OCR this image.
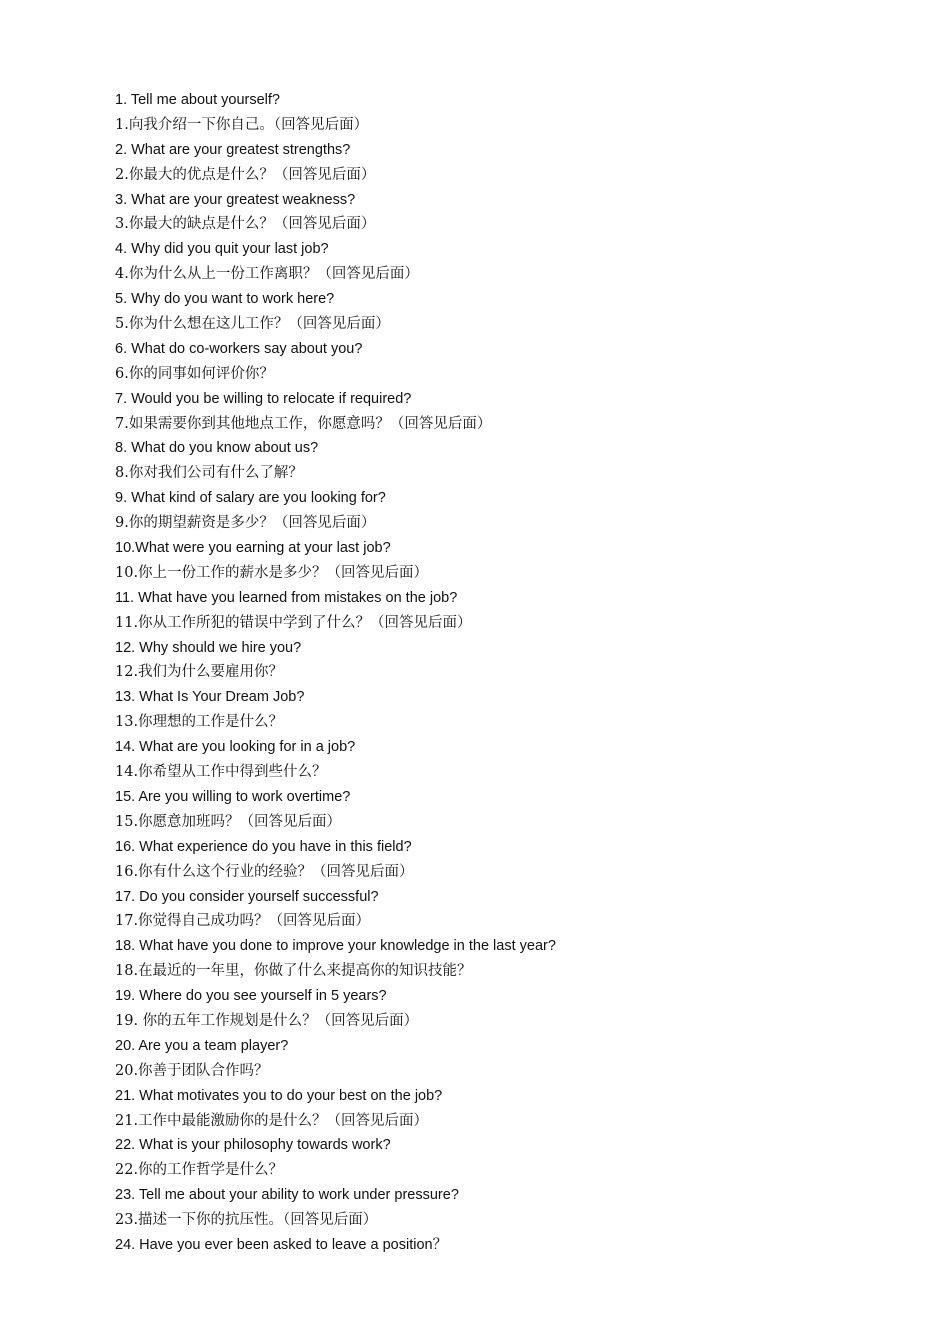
1. Tell me about yourself?
1.向我介绍一下你自己。（回答见后面）
2. What are your greatest strengths?
2.你最大的优点是什么？（回答见后面）
3. What are your greatest weakness?
3.你最大的缺点是什么？（回答见后面）
4. Why did you quit your last job?
4.你为什么从上一份工作离职？（回答见后面）
5. Why do you want to work here?
5.你为什么想在这儿工作？（回答见后面）
6. What do co-workers say about you?
6.你的同事如何评价你？
7. Would you be willing to relocate if required?
7.如果需要你到其他地点工作，你愿意吗？（回答见后面）
8. What do you know about us?
8.你对我们公司有什么了解？
9. What kind of salary are you looking for?
9.你的期望薪资是多少？（回答见后面）
10.What were you earning at your last job?
10.你上一份工作的薪水是多少？（回答见后面）
11. What have you learned from mistakes on the job?
11.你从工作所犯的错误中学到了什么？（回答见后面）
12. Why should we hire you?
12.我们为什么要雇用你？
13. What Is Your Dream Job?
13.你理想的工作是什么？
14. What are you looking for in a job?
14.你希望从工作中得到些什么？
15. Are you willing to work overtime?
15.你愿意加班吗？（回答见后面）
16. What experience do you have in this field?
16.你有什么这个行业的经验？（回答见后面）
17. Do you consider yourself successful?
17.你觉得自己成功吗？（回答见后面）
18. What have you done to improve your knowledge in the last year?
18.在最近的一年里，你做了什么来提高你的知识技能？
19. Where do you see yourself in 5 years?
19. 你的五年工作规划是什么？（回答见后面）
20. Are you a team player?
20.你善于团队合作吗？
21. What motivates you to do your best on the job?
21.工作中最能激励你的是什么？（回答见后面）
22. What is your philosophy towards work?
22.你的工作哲学是什么？
23. Tell me about your ability to work under pressure?
23.描述一下你的抗压性。（回答见后面）
24. Have you ever been asked to leave a position？
